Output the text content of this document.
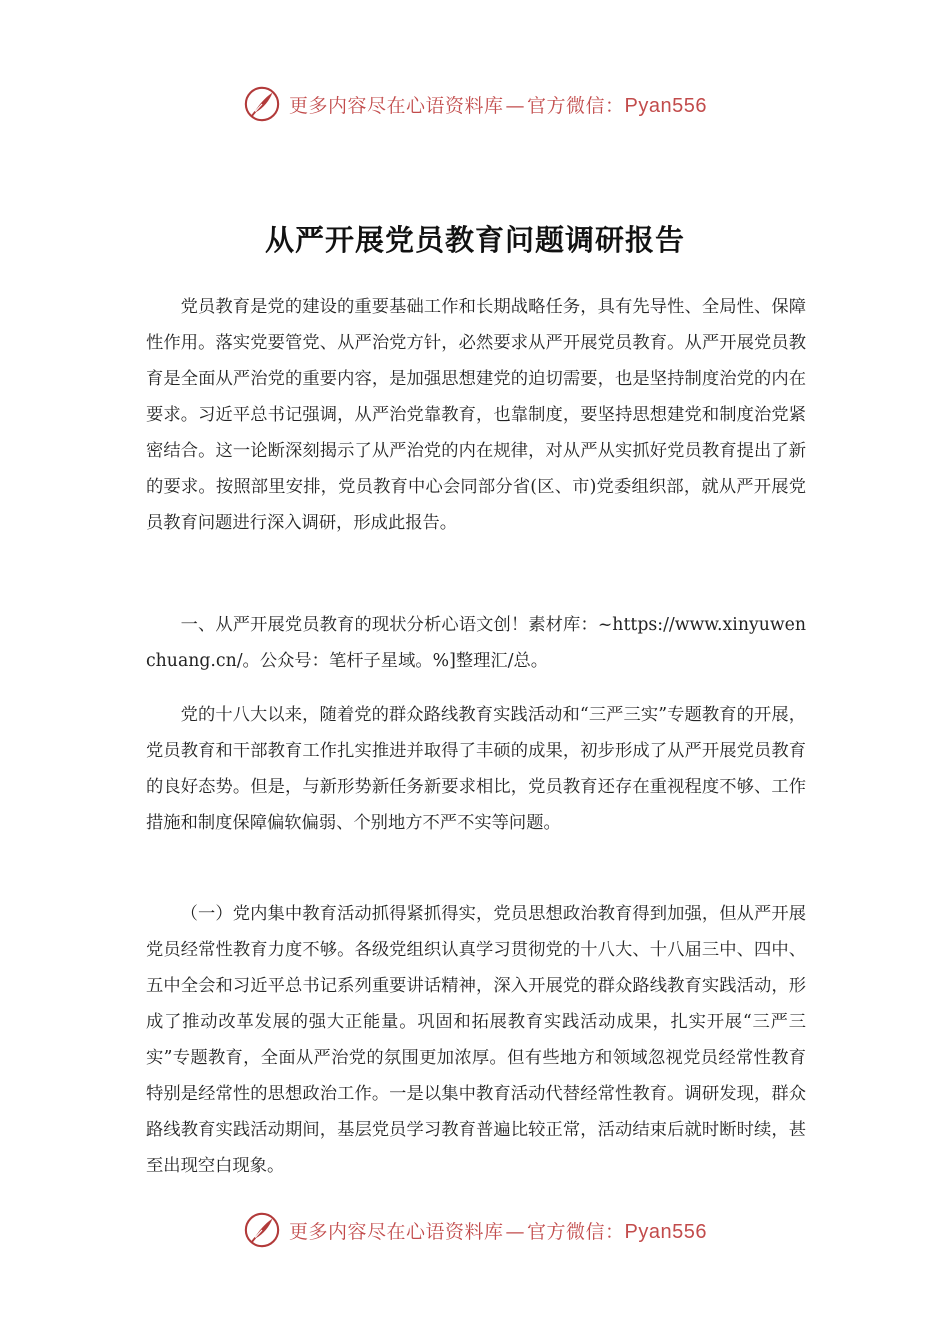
更多内容尽在心语资料库 — 官方微信：Pyan556
从严开展党员教育问题调研报告

党员教育是党的建设的重要基础工作和长期战略任务，具有先导性、全局性、保障性作用。落实党要管党、从严治党方针，必然要求从严开展党员教育。从严开展党员教育是全面从严治党的重要内容，是加强思想建党的迫切需要，也是坚持制度治党的内在要求。习近平总书记强调，从严治党靠教育，也靠制度，要坚持思想建党和制度治党紧密结合。这一论断深刻揭示了从严治党的内在规律，对从严从实抓好党员教育提出了新的要求。按照部里安排，党员教育中心会同部分省(区、市)党委组织部，就从严开展党员教育问题进行深入调研，形成此报告。

一、从严开展党员教育的现状分析心语文创！素材库：~https://www.xinyuwenchuang.cn/。公众号：笔杆子星域。%]整理汇/总。

党的十八大以来，随着党的群众路线教育实践活动和“三严三实”专题教育的开展，党员教育和干部教育工作扎实推进并取得了丰硕的成果，初步形成了从严开展党员教育的良好态势。但是，与新形势新任务新要求相比，党员教育还存在重视程度不够、工作措施和制度保障偏软偏弱、个别地方不严不实等问题。

（一）党内集中教育活动抓得紧抓得实，党员思想政治教育得到加强，但从严开展党员经常性教育力度不够。各级党组织认真学习贯彻党的十八大、十八届三中、四中、五中全会和习近平总书记系列重要讲话精神，深入开展党的群众路线教育实践活动，形成了推动改革发展的强大正能量。巩固和拓展教育实践活动成果，扎实开展“三严三实”专题教育，全面从严治党的氛围更加浓厚。但有些地方和领域忽视党员经常性教育特别是经常性的思想政治工作。一是以集中教育活动代替经常性教育。调研发现，群众路线教育实践活动期间，基层党员学习教育普遍比较正常，活动结束后就时断时续，甚至出现空白现象。

更多内容尽在心语资料库 — 官方微信：Pyan556
